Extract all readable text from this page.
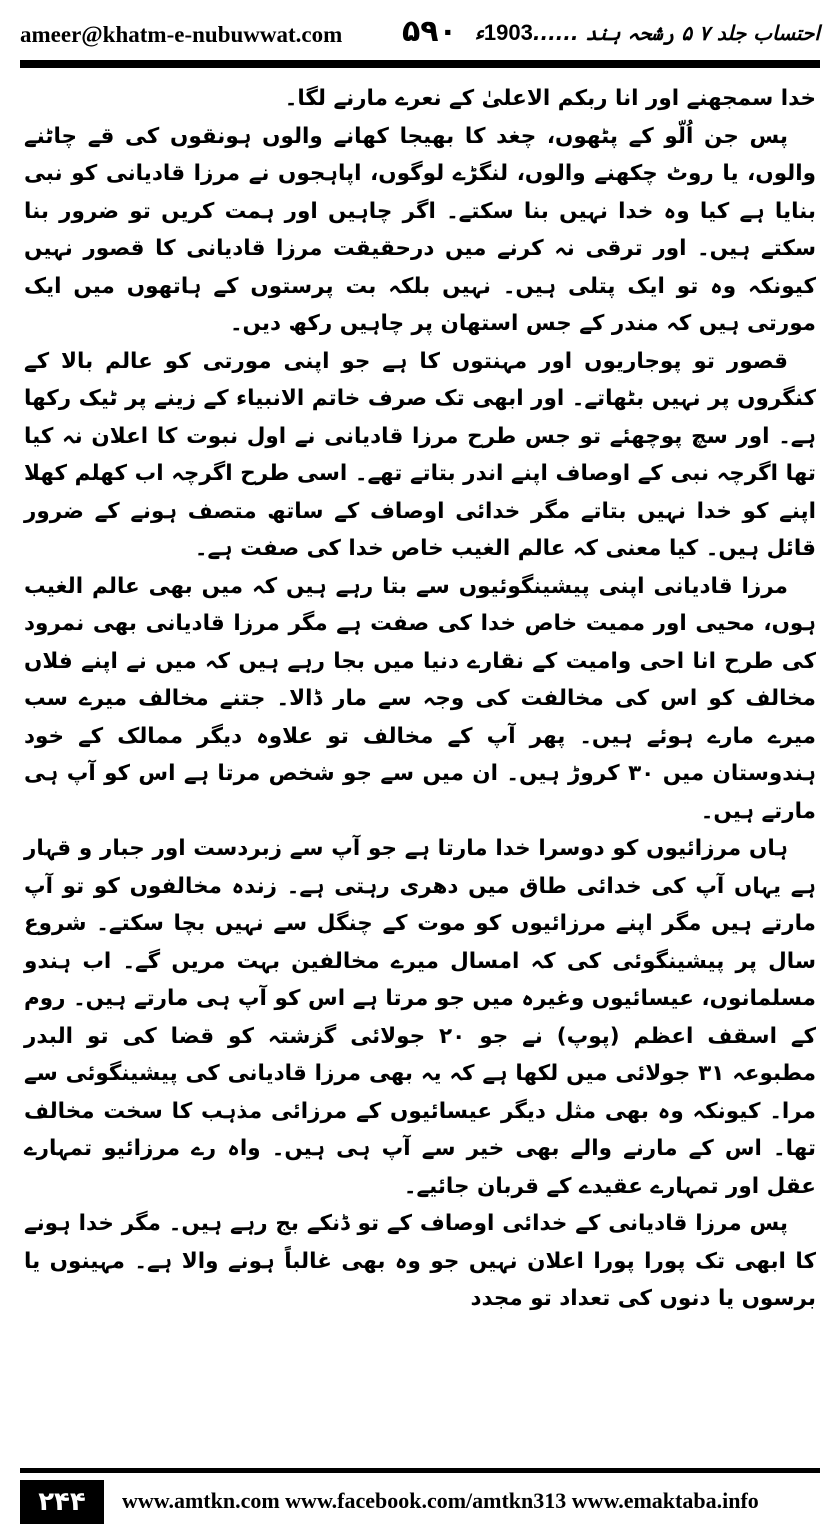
ameer@khatm-e-nubuwwat.com ۵۹۰	احتساب جلد ۷ ۵ رشحہ ہند ......1903ء

خدا سمجھنے اور انا ربکم الاعلیٰ کے نعرے مارنے لگا۔

پس جن اُلّو کے پٹھوں، چغد کا بھیجا کھانے والوں ہونقوں کی قے چاٹنے والوں، یا روٹ چکھنے والوں، لنگڑے لوگوں، اپاہجوں نے مرزا قادیانی کو نبی بنایا ہے کیا وہ خدا نہیں بنا سکتے۔ اگر چاہیں اور ہمت کریں تو ضرور بنا سکتے ہیں۔ اور ترقی نہ کرنے میں درحقیقت مرزا قادیانی کا قصور نہیں کیونکہ وہ تو ایک پتلی ہیں۔ نہیں بلکہ بت پرستوں کے ہاتھوں میں ایک مورتی ہیں کہ مندر کے جس استھان پر چاہیں رکھ دیں۔

قصور تو پوجاریوں اور مہنتوں کا ہے جو اپنی مورتی کو عالم بالا کے کنگروں پر نہیں بٹھاتے۔ اور ابھی تک صرف خاتم الانبیاء کے زینے پر ٹیک رکھا ہے۔ اور سچ پوچھئے تو جس طرح مرزا قادیانی نے اول نبوت کا اعلان نہ کیا تھا اگرچہ نبی کے اوصاف اپنے اندر بتاتے تھے۔ اسی طرح اگرچہ اب کھلم کھلا اپنے کو خدا نہیں بتاتے مگر خدائی اوصاف کے ساتھ متصف ہونے کے ضرور قائل ہیں۔ کیا معنی کہ عالم الغیب خاص خدا کی صفت ہے۔

مرزا قادیانی اپنی پیشینگوئیوں سے بتا رہے ہیں کہ میں بھی عالم الغیب ہوں، محیی اور ممیت خاص خدا کی صفت ہے مگر مرزا قادیانی بھی نمرود کی طرح انا احی وامیت کے نقارے دنیا میں بجا رہے ہیں کہ میں نے اپنے فلاں مخالف کو اس کی مخالفت کی وجہ سے مار ڈالا۔ جتنے مخالف میرے سب میرے مارے ہوئے ہیں۔ پھر آپ کے مخالف تو علاوہ دیگر ممالک کے خود ہندوستان میں ۳۰ کروڑ ہیں۔ ان میں سے جو شخص مرتا ہے اس کو آپ ہی مارتے ہیں۔

ہاں مرزائیوں کو دوسرا خدا مارتا ہے جو آپ سے زبردست اور جبار و قہار ہے یہاں آپ کی خدائی طاق میں دھری رہتی ہے۔ زندہ مخالفوں کو تو آپ مارتے ہیں مگر اپنے مرزائیوں کو موت کے چنگل سے نہیں بچا سکتے۔ شروع سال پر پیشینگوئی کی کہ امسال میرے مخالفین بہت مریں گے۔ اب ہندو مسلمانوں، عیسائیوں وغیرہ میں جو مرتا ہے اس کو آپ ہی مارتے ہیں۔ روم کے اسقف اعظم (پوپ) نے جو ۲۰ جولائی گزشتہ کو قضا کی تو البدر مطبوعہ ۳۱ جولائی میں لکھا ہے کہ یہ بھی مرزا قادیانی کی پیشینگوئی سے مرا۔ کیونکہ وہ بھی مثل دیگر عیسائیوں کے مرزائی مذہب کا سخت مخالف تھا۔ اس کے مارنے والے بھی خیر سے آپ ہی ہیں۔ واہ رے مرزائیو تمہارے عقل اور تمہارے عقیدے کے قربان جائیے۔

پس مرزا قادیانی کے خدائی اوصاف کے تو ڈنکے بج رہے ہیں۔ مگر خدا ہونے کا ابھی تک پورا پورا اعلان نہیں جو وہ بھی غالباً ہونے والا ہے۔ مہینوں یا برسوں یا دنوں کی تعداد تو مجدد

۲۴۴	www.amtkn.com www.facebook.com/amtkn313 www.emaktaba.info
